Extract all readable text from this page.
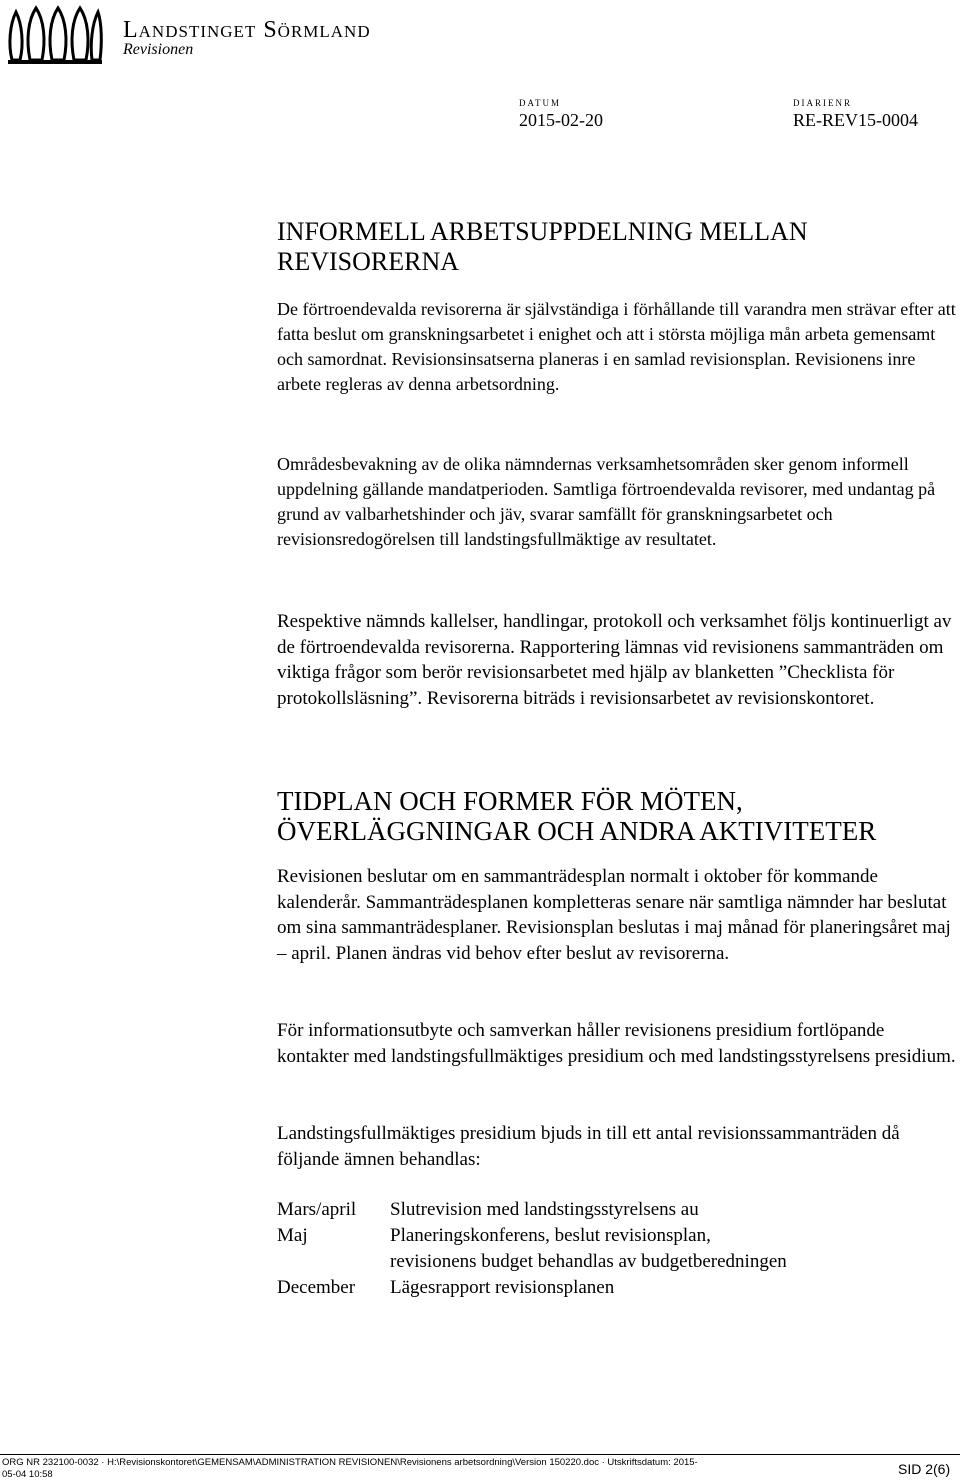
Landstinget Sörmland
Revisionen
DATUM
2015-02-20
DIARIENR
RE-REV15-0004
INFORMELL ARBETSUPPDELNING MELLAN REVISORERNA

De förtroendevalda revisorerna är självständiga i förhållande till varandra men strävar efter att fatta beslut om granskningsarbetet i enighet och att i största möjliga mån arbeta gemensamt och samordnat. Revisionsinsatserna planeras i en samlad revisionsplan. Revisionens inre arbete regleras av denna arbetsordning.

Områdesbevakning av de olika nämndernas verksamhetsområden sker genom informell uppdelning gällande mandatperioden. Samtliga förtroendevalda revisorer, med undantag på grund av valbarhetshinder och jäv, svarar samfällt för granskningsarbetet och revisionsredogörelsen till landstingsfullmäktige av resultatet.

Respektive nämnds kallelser, handlingar, protokoll och verksamhet följs kontinuerligt av de förtroendevalda revisorerna. Rapportering lämnas vid revisionens sammanträden om viktiga frågor som berör revisionsarbetet med hjälp av blanketten ”Checklista för protokollsläsning”. Revisorerna biträds i revisionsarbetet av revisionskontoret.

TIDPLAN OCH FORMER FÖR MÖTEN,
ÖVERLÄGGNINGAR OCH ANDRA AKTIVITETER

Revisionen beslutar om en sammanträdesplan normalt i oktober för kommande kalenderår. Sammanträdesplanen kompletteras senare när samtliga nämnder har beslutat om sina sammanträdesplaner. Revisionsplan beslutas i maj månad för planeringsåret maj – april. Planen ändras vid behov efter beslut av revisorerna.

För informationsutbyte och samverkan håller revisionens presidium fortlöpande kontakter med landstingsfullmäktiges presidium och med landstingsstyrelsens presidium.

Landstingsfullmäktiges presidium bjuds in till ett antal revisionssammanträden då följande ämnen behandlas:

Mars/april	Slutrevision med landstingsstyrelsens au
Maj	Planeringskonferens, beslut revisionsplan,
revisionens budget behandlas av budgetberedningen
December	Lägesrapport revisionsplanen
ORG NR 232100-0032 · H:\Revisionskontoret\GEMENSAM\ADMINISTRATION REVISIONEN\Revisionens arbetsordning\Version 150220.doc · Utskriftsdatum: 2015-05-04 10:58	SID 2(6)
